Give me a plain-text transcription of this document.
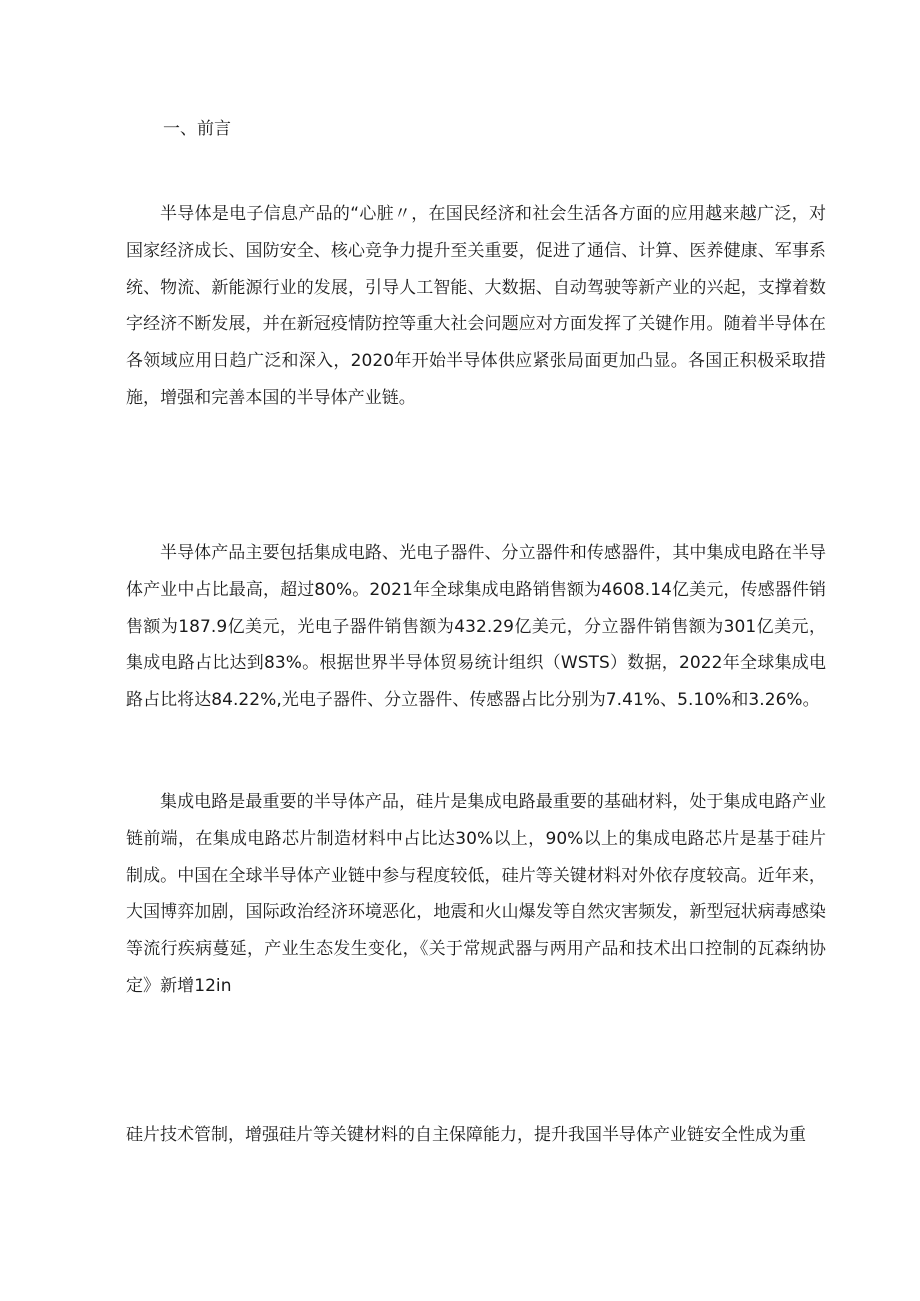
一、前言

半导体是电子信息产品的“心脏〃，在国民经济和社会生活各方面的应用越来越广泛，对国家经济成长、国防安全、核心竞争力提升至关重要，促进了通信、计算、医养健康、军事系统、物流、新能源行业的发展，引导人工智能、大数据、自动驾驶等新产业的兴起，支撑着数字经济不断发展，并在新冠疫情防控等重大社会问题应对方面发挥了关键作用。随着半导体在各领域应用日趋广泛和深入，2020年开始半导体供应紧张局面更加凸显。各国正积极采取措施，增强和完善本国的半导体产业链。

半导体产品主要包括集成电路、光电子器件、分立器件和传感器件，其中集成电路在半导体产业中占比最高，超过80%。2021年全球集成电路销售额为4608.14亿美元，传感器件销售额为187.9亿美元，光电子器件销售额为432.29亿美元，分立器件销售额为301亿美元，集成电路占比达到83%。根据世界半导体贸易统计组织（WSTS）数据，2022年全球集成电路占比将达84.22%,光电子器件、分立器件、传感器占比分别为7.41%、5.10%和3.26%。

集成电路是最重要的半导体产品，硅片是集成电路最重要的基础材料，处于集成电路产业链前端，在集成电路芯片制造材料中占比达30%以上，90%以上的集成电路芯片是基于硅片制成。中国在全球半导体产业链中参与程度较低，硅片等关键材料对外依存度较高。近年来，大国博弈加剧，国际政治经济环境恶化，地震和火山爆发等自然灾害频发，新型冠状病毒感染等流行疾病蔓延，产业生态发生变化，《关于常规武器与两用产品和技术出口控制的瓦森纳协定》新增12in

硅片技术管制，增强硅片等关键材料的自主保障能力，提升我国半导体产业链安全性成为重
